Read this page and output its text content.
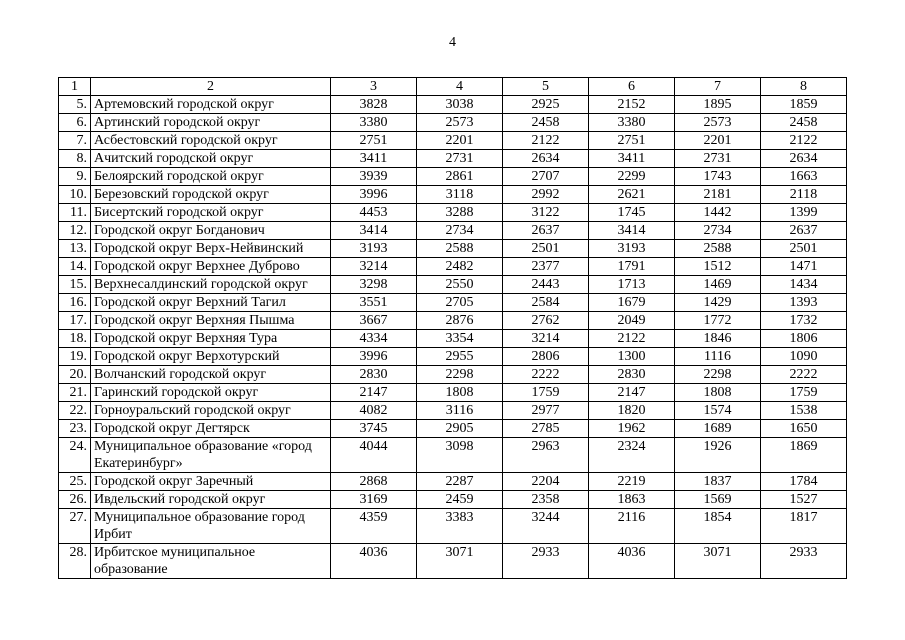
4
1	2	3	4	5	6	7	8
5.	Артемовский городской округ	3828	3038	2925	2152	1895	1859
6.	Артинский городской округ	3380	2573	2458	3380	2573	2458
7.	Асбестовский городской округ	2751	2201	2122	2751	2201	2122
8.	Ачитский городской округ	3411	2731	2634	3411	2731	2634
9.	Белоярский городской округ	3939	2861	2707	2299	1743	1663
10.	Березовский городской округ	3996	3118	2992	2621	2181	2118
11.	Бисертский городской округ	4453	3288	3122	1745	1442	1399
12.	Городской округ Богданович	3414	2734	2637	3414	2734	2637
13.	Городской округ Верх-Нейвинский	3193	2588	2501	3193	2588	2501
14.	Городской округ Верхнее Дуброво	3214	2482	2377	1791	1512	1471
15.	Верхнесалдинский городской округ	3298	2550	2443	1713	1469	1434
16.	Городской округ Верхний Тагил	3551	2705	2584	1679	1429	1393
17.	Городской округ Верхняя Пышма	3667	2876	2762	2049	1772	1732
18.	Городской округ Верхняя Тура	4334	3354	3214	2122	1846	1806
19.	Городской округ Верхотурский	3996	2955	2806	1300	1116	1090
20.	Волчанский городской округ	2830	2298	2222	2830	2298	2222
21.	Гаринский городской округ	2147	1808	1759	2147	1808	1759
22.	Горноуральский городской округ	4082	3116	2977	1820	1574	1538
23.	Городской округ Дегтярск	3745	2905	2785	1962	1689	1650
24.	Муниципальное образование «город Екатеринбург»	4044	3098	2963	2324	1926	1869
25.	Городской округ Заречный	2868	2287	2204	2219	1837	1784
26.	Ивдельский городской округ	3169	2459	2358	1863	1569	1527
27.	Муниципальное образование город Ирбит	4359	3383	3244	2116	1854	1817
28.	Ирбитское муниципальное образование	4036	3071	2933	4036	3071	2933
